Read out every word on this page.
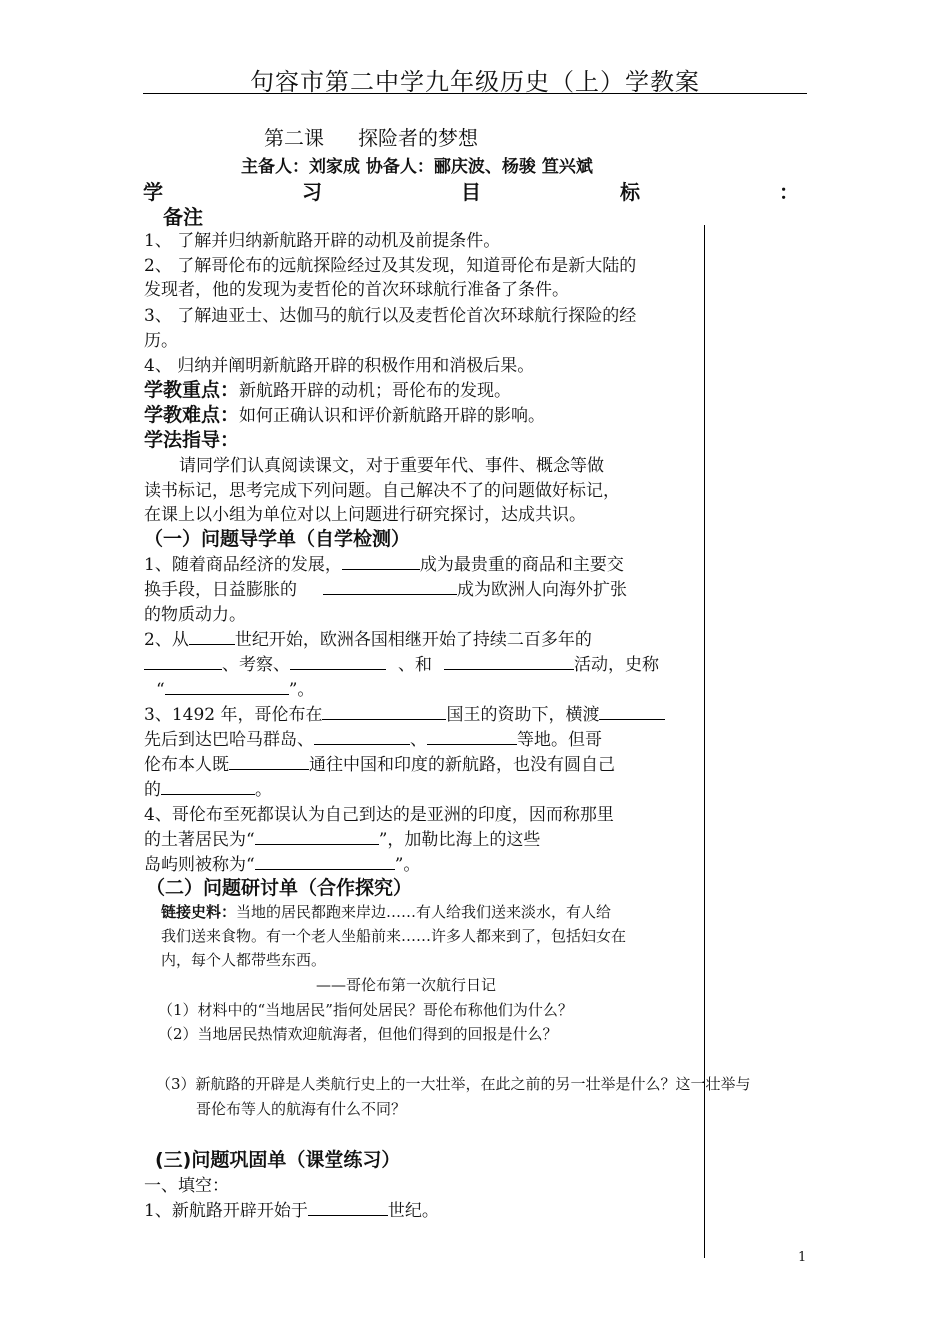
句容市第二中学九年级历史（上）学教案
第二课 探险者的梦想
主备人：刘家成 协备人：郦庆波、杨骏 笪兴斌
学	习	目	标	：
备注
1、 了解并归纳新航路开辟的动机及前提条件。
2、 了解哥伦布的远航探险经过及其发现，知道哥伦布是新大陆的
发现者，他的发现为麦哲伦的首次环球航行准备了条件。
3、 了解迪亚士、达伽马的航行以及麦哲伦首次环球航行探险的经
历。
4、 归纳并阐明新航路开辟的积极作用和消极后果。
学教重点：新航路开辟的动机；哥伦布的发现。
学教难点：如何正确认识和评价新航路开辟的影响。
学法指导：
请同学们认真阅读课文，对于重要年代、事件、概念等做
读书标记，思考完成下列问题。自己解决不了的问题做好标记，
在课上以小组为单位对以上问题进行研究探讨，达成共识。
（一）问题导学单（自学检测）
1、随着商品经济的发展，	成为最贵重的商品和主要交
换手段，日益膨胀的	成为欧洲人向海外扩张
的物质动力。
2、从	世纪开始，欧洲各国相继开始了持续二百多年的
、考察、	、和	活动，史称
“	”。
3、1492 年，哥伦布在	国王的资助下，横渡
先后到达巴哈马群岛、	、	等地。但哥
伦布本人既	通往中国和印度的新航路，也没有圆自己
的	。
4、哥伦布至死都误认为自己到达的是亚洲的印度，因而称那里
的土著居民为“	”，加勒比海上的这些
岛屿则被称为“	”。
（二）问题研讨单（合作探究）
链接史料：当地的居民都跑来岸边……有人给我们送来淡水，有人给
我们送来食物。有一个老人坐船前来……许多人都来到了，包括妇女在
内，每个人都带些东西。
——哥伦布第一次航行日记
（1）材料中的“当地居民”指何处居民？哥伦布称他们为什么？
（2）当地居民热情欢迎航海者，但他们得到的回报是什么？
（3）新航路的开辟是人类航行史上的一大壮举，在此之前的另一壮举是什么？这一壮举与
哥伦布等人的航海有什么不同？
(三)问题巩固单（课堂练习）
一、填空：
1、新航路开辟开始于	世纪。
1
